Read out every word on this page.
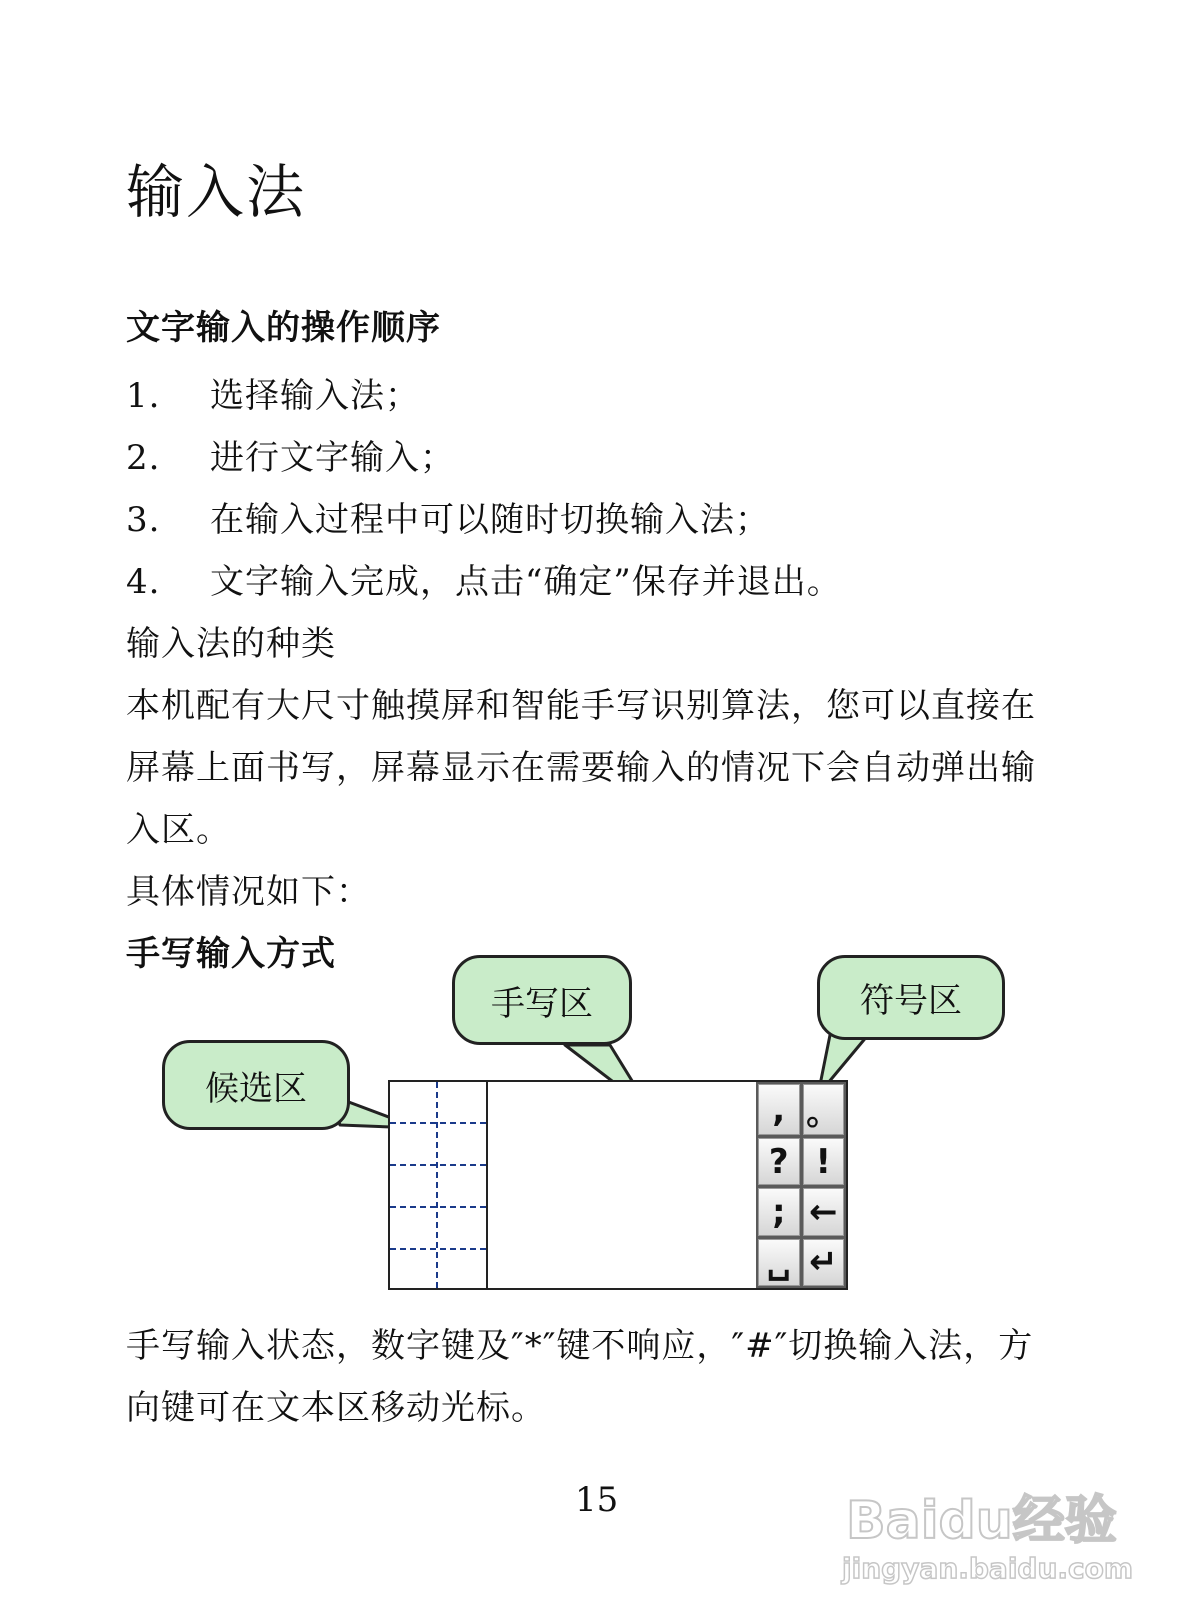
输入法
文字输入的操作顺序
1. 选择输入法；
2. 进行文字输入；
3. 在输入过程中可以随时切换输入法；
4. 文字输入完成，点击“确定”保存并退出。
输入法的种类
本机配有大尺寸触摸屏和智能手写识别算法，您可以直接在
屏幕上面书写，屏幕显示在需要输入的情况下会自动弹出输
入区。
具体情况如下：
手写输入方式
, 。
? !
; ←
␣ ↵
候选区
手写区	符号区
手写输入状态，数字键及″*″键不响应，″#″切换输入法，方
向键可在文本区移动光标。
15	Baidu经验
jingyan.baidu.com
